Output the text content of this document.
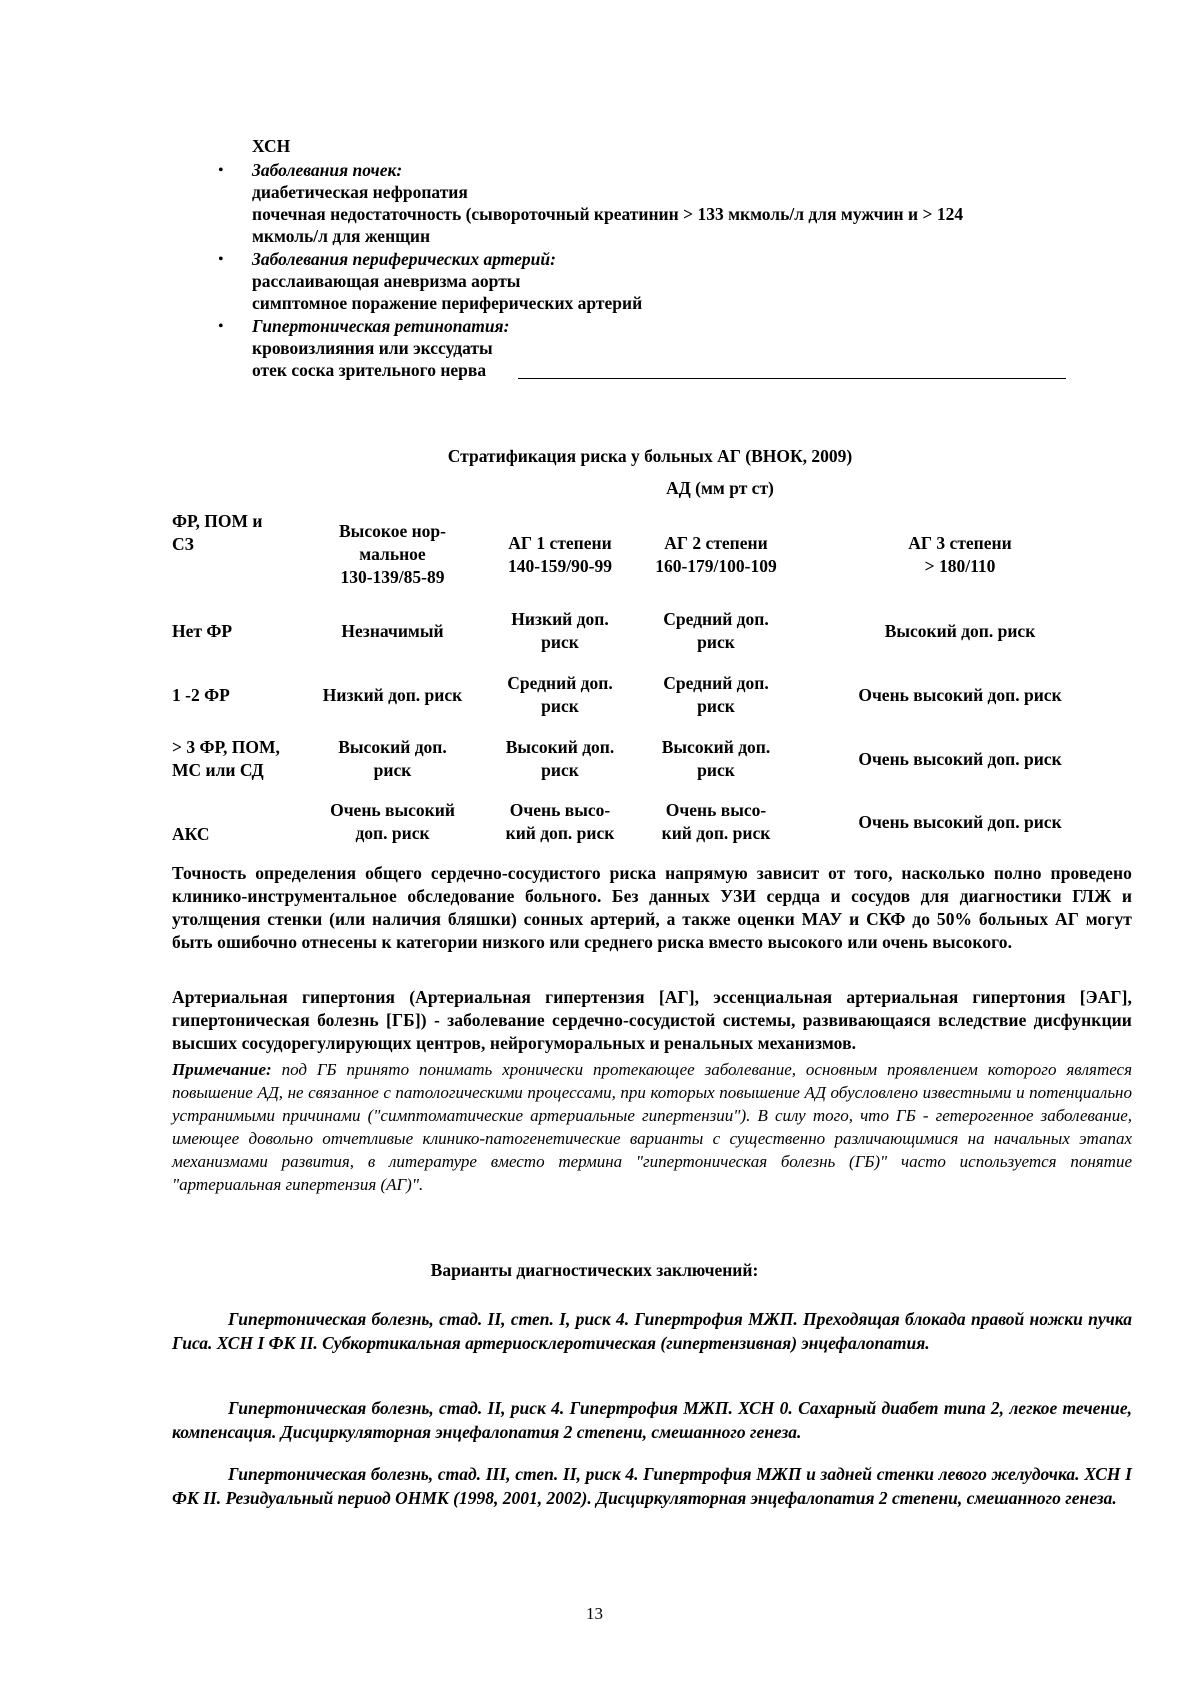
ХСН
• Заболевания почек:
диабетическая нефропатия
почечная недостаточность (сывороточный креатинин > 133 мкмоль/л для мужчин и > 124
мкмоль/л для женщин
• Заболевания периферических артерий:
расслаивающая аневризма аорты
симптомное поражение периферических артерий
• Гипертоническая ретинопатия:
кровоизлияния или экссудаты
отек соска зрительного нерва
Стратификация риска у больных АГ (ВНОК, 2009)
АД (мм рт ст)
ФР, ПОМ и
СЗ
Высокое нор-
мальное
130-139/85-89
АГ 1 степени
140-159/90-99
АГ 2 степени
160-179/100-109
АГ 3 степени
> 180/110
Нет ФР	Незначимый
Низкий доп.
риск
Средний доп.
риск
Высокий доп. риск
1 -2 ФР	Низкий доп. риск
Средний доп.
риск
Средний доп.
риск
Очень высокий доп. риск
> 3 ФР, ПОМ,
МС или СД
Высокий доп.
риск
Высокий доп.
риск
Высокий доп.
риск
Очень высокий доп. риск
АКС
Очень высокий
доп. риск
Очень высо-
кий доп. риск
Очень высо-
кий доп. риск
Очень высокий доп. риск
Точность определения общего сердечно-сосудистого риска напрямую зависит от того, насколько полно проведено клинико-инструментальное обследование больного. Без данных УЗИ сердца и сосудов для диагностики ГЛЖ и утолщения стенки (или наличия бляшки) сонных артерий, а также оценки МАУ и СКФ до 50% больных АГ могут быть ошибочно отнесены к категории низкого или среднего риска вместо высокого или очень высокого.
Артериальная гипертония (Артериальная гипертензия [АГ], эссенциальная артериальная гипертония [ЭАГ], гипертоническая болезнь [ГБ]) - заболевание сердечно-сосудистой системы, развивающаяся вследствие дисфункции высших сосудорегулирующих центров, нейрогуморальных и ренальных механизмов.
Примечание: под ГБ принято понимать хронически протекающее заболевание, основным проявлением которого являтеся повышение АД, не связанное с патологическими процессами, при которых повышение АД обусловлено известными и потенциально устранимыми причинами ("симптоматические артериальные гипертензии"). В силу того, что ГБ - гетерогенное заболевание, имеющее довольно отчетливые клинико-патогенетические варианты с существенно различающимися на начальных этапах механизмами развития, в литературе вместо термина "гипертоническая болезнь (ГБ)" часто используется понятие "артериальная гипертензия (АГ)".
Варианты диагностических заключений:
Гипертоническая болезнь, стад. II, степ. I, риск 4. Гипертрофия МЖП. Преходящая блокада правой ножки пучка Гиса. ХСН I ФК II. Субкортикальная артериосклеротическая (гипертензивная) энцефалопатия.
Гипертоническая болезнь, стад. II, риск 4. Гипертрофия МЖП. ХСН 0. Сахарный диабет типа 2, легкое течение, компенсация. Дисциркуляторная энцефалопатия 2 степени, смешанного генеза.
Гипертоническая болезнь, стад. III, степ. II, риск 4. Гипертрофия МЖП и задней стенки левого желудочка. ХСН I ФК II. Резидуальный период ОНМК (1998, 2001, 2002). Дисциркуляторная энцефалопатия 2 степени, смешанного генеза.
13
